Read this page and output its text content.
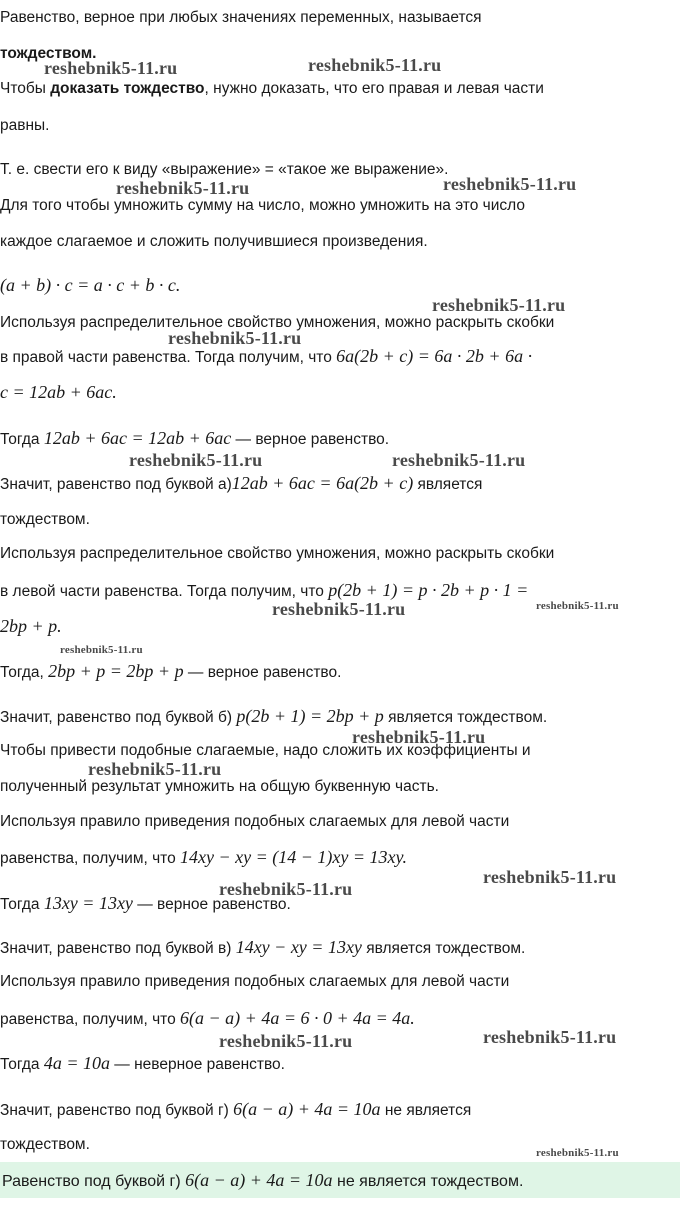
reshebnik5-11.ru	reshebnik5-11.ru
reshebnik5-11.ru	reshebnik5-11.ru
reshebnik5-11.ru
reshebnik5-11.ru
reshebnik5-11.ru	reshebnik5-11.ru
reshebnik5-11.ru	reshebnik5-11.ru
reshebnik5-11.ru
reshebnik5-11.ru
reshebnik5-11.ru
reshebnik5-11.ru
reshebnik5-11.ru
reshebnik5-11.ru	reshebnik5-11.ru
reshebnik5-11.ru
Равенство, верное при любых значениях переменных, называется
тождеством.
Чтобы доказать тождество, нужно доказать, что его правая и левая части
равны.
Т. е. свести его к виду «выражение» = «такое же выражение».
Для того чтобы умножить сумму на число, можно умножить на это число
каждое слагаемое и сложить получившиеся произведения.
(a + b) · c = a · c + b · c.
Используя распределительное свойство умножения, можно раскрыть скобки
в правой части равенства. Тогда получим, что 6a(2b + c) = 6a · 2b + 6a ·
c = 12ab + 6ac.
Тогда 12ab + 6ac = 12ab + 6ac — верное равенство.
Значит, равенство под буквой а)12ab + 6ac = 6a(2b + c) является
тождеством.
Используя распределительное свойство умножения, можно раскрыть скобки
в левой части равенства. Тогда получим, что p(2b + 1) = p · 2b + p · 1 =
2bp + p.
Тогда, 2bp + p = 2bp + p — верное равенство.
Значит, равенство под буквой б) p(2b + 1) = 2bp + p является тождеством.
Чтобы привести подобные слагаемые, надо сложить их коэффициенты и
полученный результат умножить на общую буквенную часть.
Используя правило приведения подобных слагаемых для левой части
равенства, получим, что 14xy − xy = (14 − 1)xy = 13xy.
Тогда 13xy = 13xy — верное равенство.
Значит, равенство под буквой в) 14xy − xy = 13xy является тождеством.
Используя правило приведения подобных слагаемых для левой части
равенства, получим, что 6(a − a) + 4a = 6 · 0 + 4a = 4a.
Тогда 4a = 10a — неверное равенство.
Значит, равенство под буквой г) 6(a − a) + 4a = 10a не является
тождеством.
Равенство под буквой г) 6(a − a) + 4a = 10a не является тождеством.
